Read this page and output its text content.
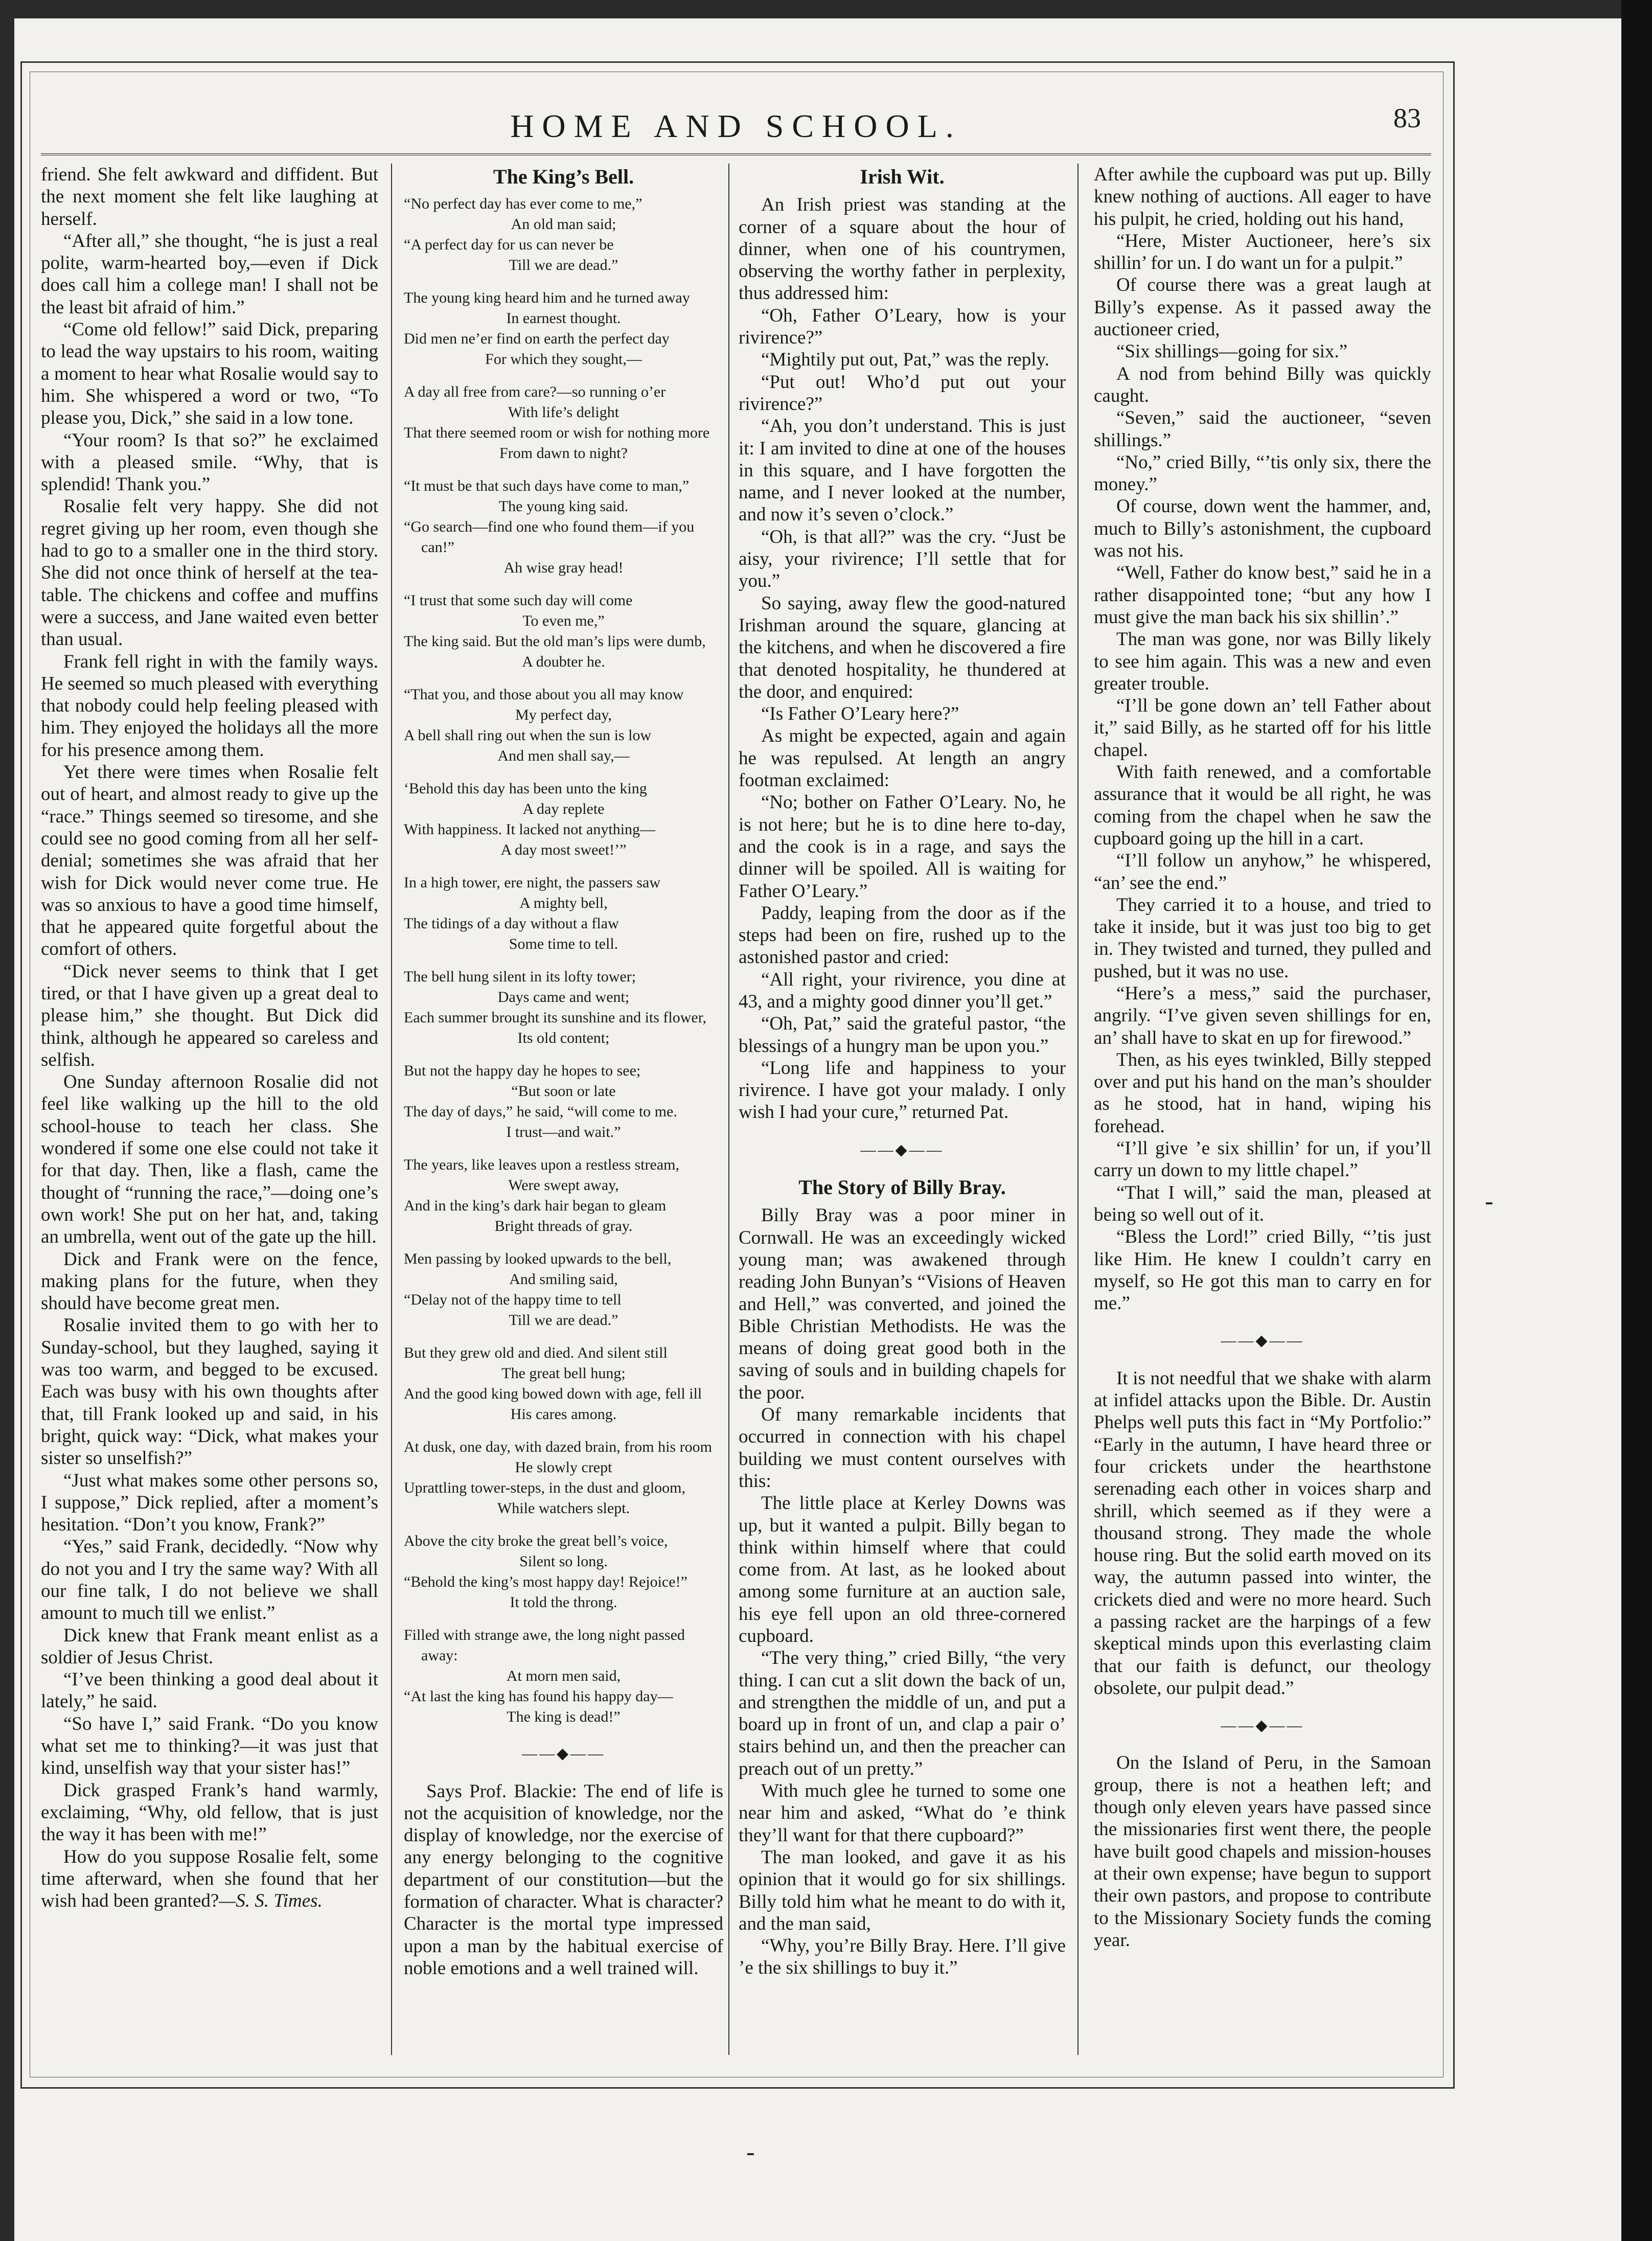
HOME AND SCHOOL.	83

friend. She felt awkward and diffident. But the next moment she felt like laughing at herself.

“After all,” she thought, “he is just a real polite, warm-hearted boy,—even if Dick does call him a college man! I shall not be the least bit afraid of him.”

“Come old fellow!” said Dick, preparing to lead the way upstairs to his room, waiting a moment to hear what Rosalie would say to him. She whispered a word or two, “To please you, Dick,” she said in a low tone.

“Your room? Is that so?” he exclaimed with a pleased smile. “Why, that is splendid! Thank you.”

Rosalie felt very happy. She did not regret giving up her room, even though she had to go to a smaller one in the third story. She did not once think of herself at the tea-table. The chickens and coffee and muffins were a success, and Jane waited even better than usual.

Frank fell right in with the family ways. He seemed so much pleased with everything that nobody could help feeling pleased with him. They enjoyed the holidays all the more for his presence among them.

Yet there were times when Rosalie felt out of heart, and almost ready to give up the “race.” Things seemed so tiresome, and she could see no good coming from all her self-denial; sometimes she was afraid that her wish for Dick would never come true. He was so anxious to have a good time himself, that he appeared quite forgetful about the comfort of others.

“Dick never seems to think that I get tired, or that I have given up a great deal to please him,” she thought. But Dick did think, although he appeared so careless and selfish.

One Sunday afternoon Rosalie did not feel like walking up the hill to the old school-house to teach her class. She wondered if some one else could not take it for that day. Then, like a flash, came the thought of “running the race,”—doing one’s own work! She put on her hat, and, taking an umbrella, went out of the gate up the hill.

Dick and Frank were on the fence, making plans for the future, when they should have become great men.

Rosalie invited them to go with her to Sunday-school, but they laughed, saying it was too warm, and begged to be excused. Each was busy with his own thoughts after that, till Frank looked up and said, in his bright, quick way: “Dick, what makes your sister so unselfish?”

“Just what makes some other persons so, I suppose,” Dick replied, after a moment’s hesitation. “Don’t you know, Frank?”

“Yes,” said Frank, decidedly. “Now why do not you and I try the same way? With all our fine talk, I do not believe we shall amount to much till we enlist.”

Dick knew that Frank meant enlist as a soldier of Jesus Christ.

“I’ve been thinking a good deal about it lately,” he said.

“So have I,” said Frank. “Do you know what set me to thinking?—it was just that kind, unselfish way that your sister has!”

Dick grasped Frank’s hand warmly, exclaiming, “Why, old fellow, that is just the way it has been with me!”

How do you suppose Rosalie felt, some time afterward, when she found that her wish had been granted?—S. S. Times.

The King’s Bell.
“No perfect day has ever come to me,”
An old man said;
“A perfect day for us can never be
Till we are dead.”
The young king heard him and he turned away
In earnest thought.
Did men ne’er find on earth the perfect day
For which they sought,—
A day all free from care?—so running o’er
With life’s delight
That there seemed room or wish for nothing more
From dawn to night?
“It must be that such days have come to man,”
The young king said.
“Go search—find one who found them—if you can!”
Ah wise gray head!
“I trust that some such day will come
To even me,”
The king said. But the old man’s lips were dumb,
A doubter he.
“That you, and those about you all may know
My perfect day,
A bell shall ring out when the sun is low
And men shall say,—
‘Behold this day has been unto the king
A day replete
With happiness. It lacked not anything—
A day most sweet!’”
In a high tower, ere night, the passers saw
A mighty bell,
The tidings of a day without a flaw
Some time to tell.
The bell hung silent in its lofty tower;
Days came and went;
Each summer brought its sunshine and its flower,
Its old content;
But not the happy day he hopes to see;
“But soon or late
The day of days,” he said, “will come to me.
I trust—and wait.”
The years, like leaves upon a restless stream,
Were swept away,
And in the king’s dark hair began to gleam
Bright threads of gray.
Men passing by looked upwards to the bell,
And smiling said,
“Delay not of the happy time to tell
Till we are dead.”
But they grew old and died. And silent still
The great bell hung;
And the good king bowed down with age, fell ill
His cares among.
At dusk, one day, with dazed brain, from his room
He slowly crept
Uprattling tower-steps, in the dust and gloom,
While watchers slept.
Above the city broke the great bell’s voice,
Silent so long.
“Behold the king’s most happy day! Rejoice!”
It told the throng.
Filled with strange awe, the long night passed away:
At morn men said,
“At last the king has found his happy day—
The king is dead!”
——◆——

Says Prof. Blackie: The end of life is not the acquisition of knowledge, nor the display of knowledge, nor the exercise of any energy belonging to the cognitive department of our constitution—but the formation of character. What is character? Character is the mortal type impressed upon a man by the habitual exercise of noble emotions and a well trained will.

Irish Wit.

An Irish priest was standing at the corner of a square about the hour of dinner, when one of his countrymen, observing the worthy father in perplexity, thus addressed him:

“Oh, Father O’Leary, how is your rivirence?”

“Mightily put out, Pat,” was the reply.

“Put out! Who’d put out your rivirence?”

“Ah, you don’t understand. This is just it: I am invited to dine at one of the houses in this square, and I have forgotten the name, and I never looked at the number, and now it’s seven o’clock.”

“Oh, is that all?” was the cry. “Just be aisy, your rivirence; I’ll settle that for you.”

So saying, away flew the good-natured Irishman around the square, glancing at the kitchens, and when he discovered a fire that denoted hospitality, he thundered at the door, and enquired:

“Is Father O’Leary here?”

As might be expected, again and again he was repulsed. At length an angry footman exclaimed:

“No; bother on Father O’Leary. No, he is not here; but he is to dine here to-day, and the cook is in a rage, and says the dinner will be spoiled. All is waiting for Father O’Leary.”

Paddy, leaping from the door as if the steps had been on fire, rushed up to the astonished pastor and cried:

“All right, your rivirence, you dine at 43, and a mighty good dinner you’ll get.”

“Oh, Pat,” said the grateful pastor, “the blessings of a hungry man be upon you.”

“Long life and happiness to your rivirence. I have got your malady. I only wish I had your cure,” returned Pat.

——◆——
The Story of Billy Bray.

Billy Bray was a poor miner in Cornwall. He was an exceedingly wicked young man; was awakened through reading John Bunyan’s “Visions of Heaven and Hell,” was converted, and joined the Bible Christian Methodists. He was the means of doing great good both in the saving of souls and in building chapels for the poor.

Of many remarkable incidents that occurred in connection with his chapel building we must content ourselves with this:

The little place at Kerley Downs was up, but it wanted a pulpit. Billy began to think within himself where that could come from. At last, as he looked about among some furniture at an auction sale, his eye fell upon an old three-cornered cupboard.

“The very thing,” cried Billy, “the very thing. I can cut a slit down the back of un, and strengthen the middle of un, and put a board up in front of un, and clap a pair o’ stairs behind un, and then the preacher can preach out of un pretty.”

With much glee he turned to some one near him and asked, “What do ’e think they’ll want for that there cupboard?”

The man looked, and gave it as his opinion that it would go for six shillings. Billy told him what he meant to do with it, and the man said,

“Why, you’re Billy Bray. Here. I’ll give ’e the six shillings to buy it.”

After awhile the cupboard was put up. Billy knew nothing of auctions. All eager to have his pulpit, he cried, holding out his hand,

“Here, Mister Auctioneer, here’s six shillin’ for un. I do want un for a pulpit.”

Of course there was a great laugh at Billy’s expense. As it passed away the auctioneer cried,

“Six shillings—going for six.”

A nod from behind Billy was quickly caught.

“Seven,” said the auctioneer, “seven shillings.”

“No,” cried Billy, “’tis only six, there the money.”

Of course, down went the hammer, and, much to Billy’s astonishment, the cupboard was not his.

“Well, Father do know best,” said he in a rather disappointed tone; “but any how I must give the man back his six shillin’.”

The man was gone, nor was Billy likely to see him again. This was a new and even greater trouble.

“I’ll be gone down an’ tell Father about it,” said Billy, as he started off for his little chapel.

With faith renewed, and a comfortable assurance that it would be all right, he was coming from the chapel when he saw the cupboard going up the hill in a cart.

“I’ll follow un anyhow,” he whispered, “an’ see the end.”

They carried it to a house, and tried to take it inside, but it was just too big to get in. They twisted and turned, they pulled and pushed, but it was no use.

“Here’s a mess,” said the purchaser, angrily. “I’ve given seven shillings for en, an’ shall have to skat en up for firewood.”

Then, as his eyes twinkled, Billy stepped over and put his hand on the man’s shoulder as he stood, hat in hand, wiping his forehead.

“I’ll give ’e six shillin’ for un, if you’ll carry un down to my little chapel.”

“That I will,” said the man, pleased at being so well out of it.

“Bless the Lord!” cried Billy, “’tis just like Him. He knew I couldn’t carry en myself, so He got this man to carry en for me.”

——◆——

It is not needful that we shake with alarm at infidel attacks upon the Bible. Dr. Austin Phelps well puts this fact in “My Portfolio:” “Early in the autumn, I have heard three or four crickets under the hearthstone serenading each other in voices sharp and shrill, which seemed as if they were a thousand strong. They made the whole house ring. But the solid earth moved on its way, the autumn passed into winter, the crickets died and were no more heard. Such a passing racket are the harpings of a few skeptical minds upon this everlasting claim that our faith is defunct, our theology obsolete, our pulpit dead.”

——◆——

On the Island of Peru, in the Samoan group, there is not a heathen left; and though only eleven years have passed since the missionaries first went there, the people have built good chapels and mission-houses at their own expense; have begun to support their own pastors, and propose to contribute to the Missionary Society funds the coming year.

-
-
